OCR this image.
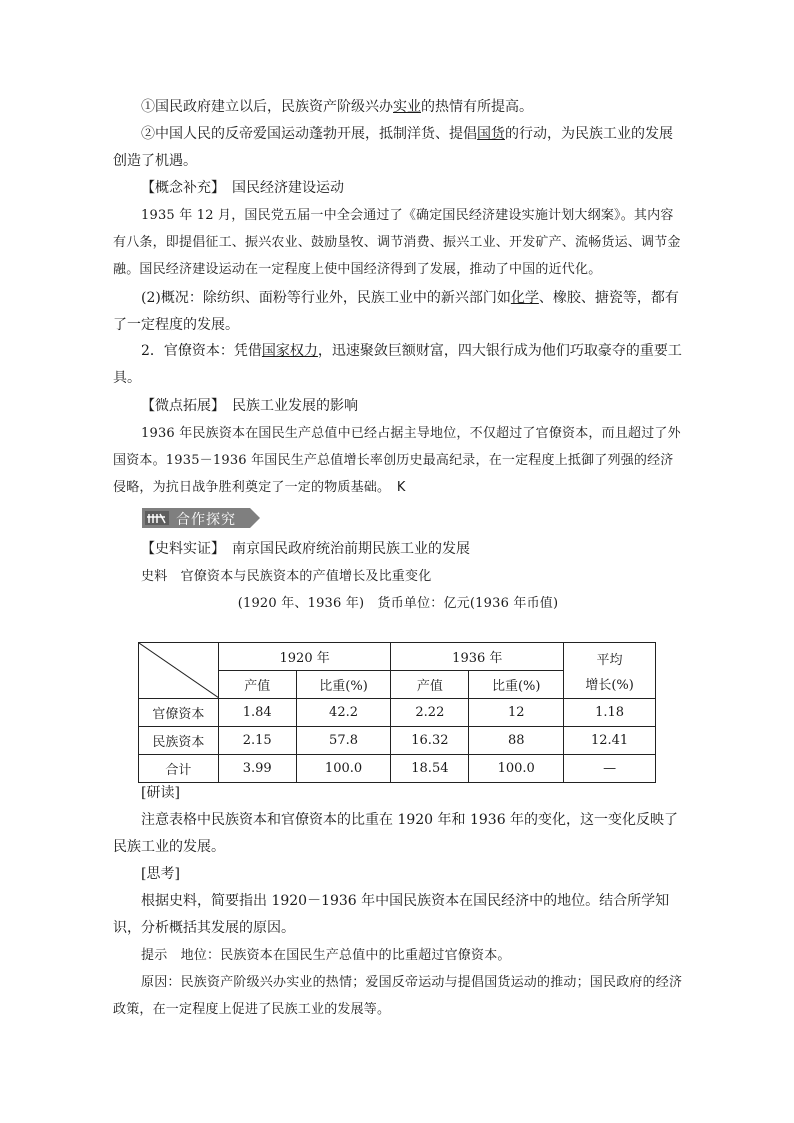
①国民政府建立以后，民族资产阶级兴办实业的热情有所提高。

②中国人民的反帝爱国运动蓬勃开展，抵制洋货、提倡国货的行动，为民族工业的发展创造了机遇。

【概念补充】　国民经济建设运动

1935 年 12 月，国民党五届一中全会通过了《确定国民经济建设实施计划大纲案》。其内容有八条，即提倡征工、振兴农业、鼓励垦牧、调节消费、振兴工业、开发矿产、流畅货运、调节金融。国民经济建设运动在一定程度上使中国经济得到了发展，推动了中国的近代化。

(2)概况：除纺织、面粉等行业外，民族工业中的新兴部门如化学、橡胶、搪瓷等，都有了一定程度的发展。

2．官僚资本：凭借国家权力，迅速聚敛巨额财富，四大银行成为他们巧取豪夺的重要工具。

【微点拓展】　民族工业发展的影响

1936 年民族资本在国民生产总值中已经占据主导地位，不仅超过了官僚资本，而且超过了外国资本。1935－1936 年国民生产总值增长率创历史最高纪录，在一定程度上抵御了列强的经济侵略，为抗日战争胜利奠定了一定的物质基础。　 K

合作探究

【史料实证】　南京国民政府统治前期民族工业的发展

史料　官僚资本与民族资本的产值增长及比重变化

(1920 年、1936 年)　货币单位：亿元(1936 年币值)

	1920 年		1936 年		平均
增长(%)

	产值	比重(%)	产值	比重(%)	
官僚资本	1.84	42.2	2.22	12	1.18
民族资本	2.15	57.8	16.32	88	12.41
合计	3.99	100.0	18.54	100.0	—

[研读]

注意表格中民族资本和官僚资本的比重在 1920 年和 1936 年的变化，这一变化反映了民族工业的发展。

[思考]

根据史料，简要指出 1920－1936 年中国民族资本在国民经济中的地位。结合所学知识，分析概括其发展的原因。

提示　地位：民族资本在国民生产总值中的比重超过官僚资本。

原因：民族资产阶级兴办实业的热情；爱国反帝运动与提倡国货运动的推动；国民政府的经济政策，在一定程度上促进了民族工业的发展等。
